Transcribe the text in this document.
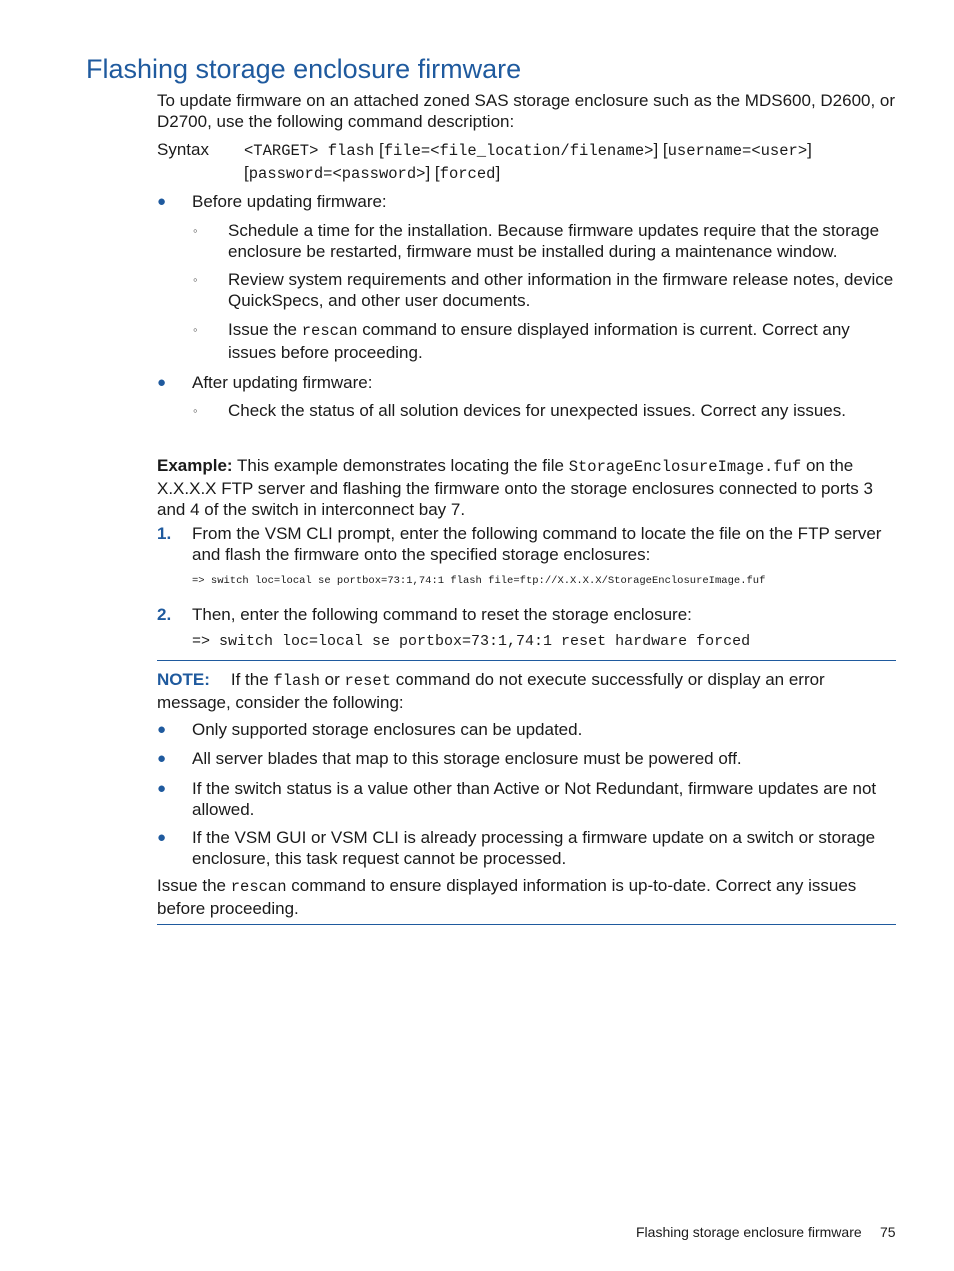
Flashing storage enclosure firmware

To update firmware on an attached zoned SAS storage enclosure such as the MDS600, D2600, or D2700, use the following command description:

Syntax <TARGET> flash [file=<file_location/filename>] [username=<user>] [password=<password>] [forced]
● Before updating firmware:
◦ Schedule a time for the installation. Because firmware updates require that the storage enclosure be restarted, firmware must be installed during a maintenance window.
◦ Review system requirements and other information in the firmware release notes, device QuickSpecs, and other user documents.
◦ Issue the rescan command to ensure displayed information is current. Correct any issues before proceeding.
● After updating firmware:
◦ Check the status of all solution devices for unexpected issues. Correct any issues.

Example: This example demonstrates locating the file StorageEnclosureImage.fuf on the X.X.X.X FTP server and flashing the firmware onto the storage enclosures connected to ports 3 and 4 of the switch in interconnect bay 7.

1. From the VSM CLI prompt, enter the following command to locate the file on the FTP server and flash the firmware onto the specified storage enclosures:
=> switch loc=local se portbox=73:1,74:1 flash file=ftp://X.X.X.X/StorageEnclosureImage.fuf
2. Then, enter the following command to reset the storage enclosure:
=> switch loc=local se portbox=73:1,74:1 reset hardware forced

NOTE: If the flash or reset command do not execute successfully or display an error message, consider the following:

● Only supported storage enclosures can be updated.
● All server blades that map to this storage enclosure must be powered off.
● If the switch status is a value other than Active or Not Redundant, firmware updates are not allowed.
● If the VSM GUI or VSM CLI is already processing a firmware update on a switch or storage enclosure, this task request cannot be processed.

Issue the rescan command to ensure displayed information is up-to-date. Correct any issues before proceeding.

Flashing storage enclosure firmware 75
